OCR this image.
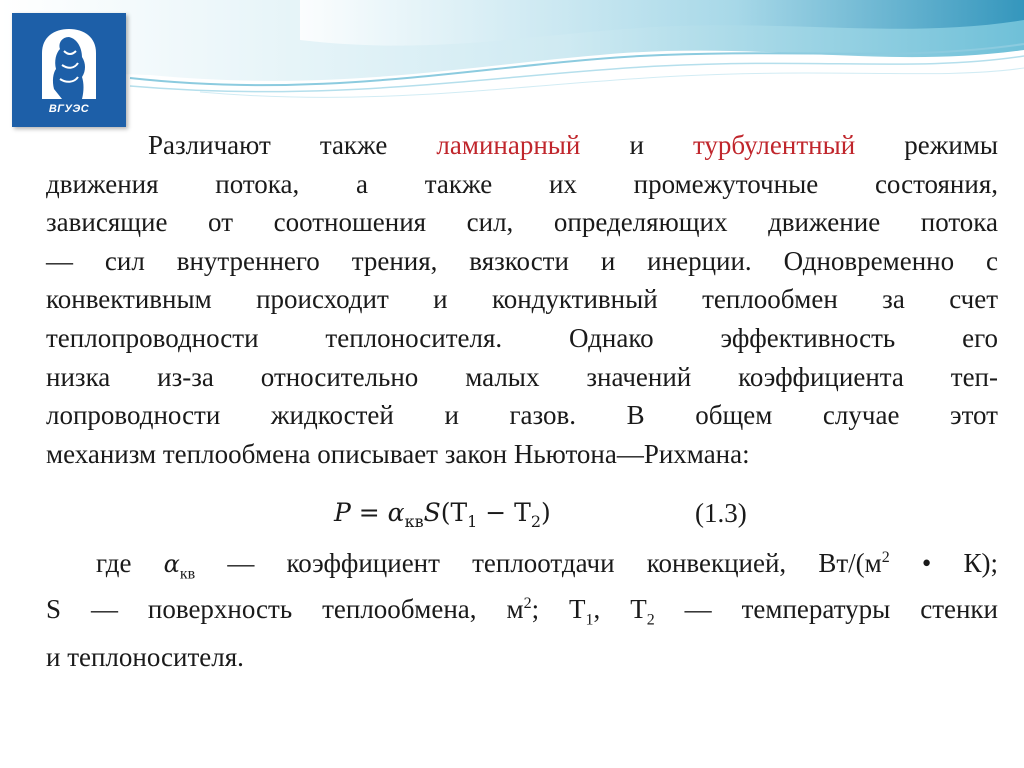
ВГУЭС
Различают также ламинарный и турбулентный режимы
движения потока, а также их промежуточные состояния,
зависящие от соотношения сил, определяющих движение потока
— сил внутреннего трения, вязкости и инерции. Одновременно с
конвективным происходит и кондуктивный теплообмен за счет
теплопроводности теплоносителя. Однако эффективность его
низка из-за относительно малых значений коэффициента теп-
лопроводности жидкостей и газов. В общем случае этот
механизм теплообмена описывает закон Ньютона—Рихмана:
$P = \alpha_{кв}S(T_1 - T_2)$	(1.3)
где $\alpha_{кв}$ — коэффициент теплоотдачи конвекцией, $Вт/(м^2$ • К);
S — поверхность теплообмена, $м^2$; $Т_1$, $Т_2$ — температуры стенки
и теплоносителя.
